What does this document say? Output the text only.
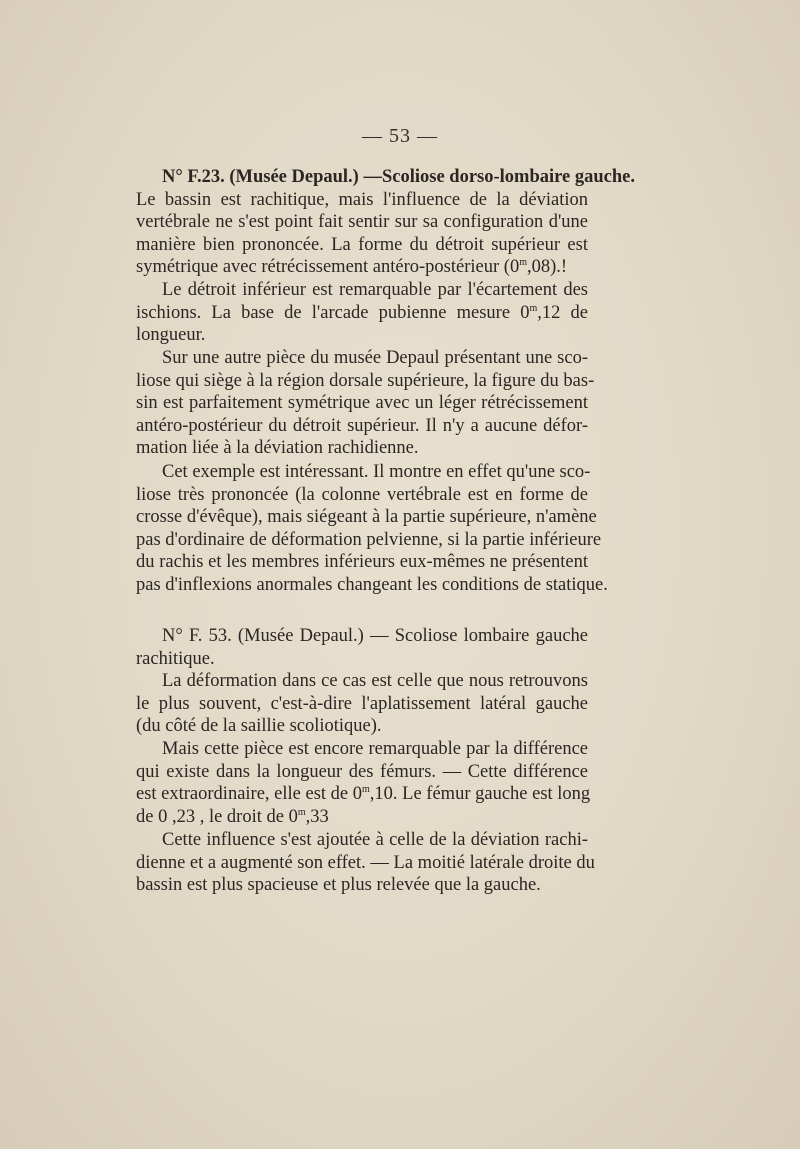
— 53 —

N° F.23. (Musée Depaul.) —Scoliose dorso-lombaire gauche.
Le bassin est rachitique, mais l'influence de la déviation
vertébrale ne s'est point fait sentir sur sa configuration d'une
manière bien prononcée. La forme du détroit supérieur est
symétrique avec rétrécissement antéro-postérieur (0$^m$,08).!

Le détroit inférieur est remarquable par l'écartement des
ischions. La base de l'arcade pubienne mesure 0$^m$,12 de
longueur.

Sur une autre pièce du musée Depaul présentant une sco-
liose qui siège à la région dorsale supérieure, la figure du bas-
sin est parfaitement symétrique avec un léger rétrécissement
antéro-postérieur du détroit supérieur. Il n'y a aucune défor-
mation liée à la déviation rachidienne.

Cet exemple est intéressant. Il montre en effet qu'une sco-
liose très prononcée (la colonne vertébrale est en forme de
crosse d'évêque), mais siégeant à la partie supérieure, n'amène
pas d'ordinaire de déformation pelvienne, si la partie inférieure
du rachis et les membres inférieurs eux-mêmes ne présentent
pas d'inflexions anormales changeant les conditions de statique.

N° F. 53. (Musée Depaul.) — Scoliose lombaire gauche
rachitique.

La déformation dans ce cas est celle que nous retrouvons
le plus souvent, c'est-à-dire l'aplatissement latéral gauche
(du côté de la saillie scoliotique).

Mais cette pièce est encore remarquable par la différence
qui existe dans la longueur des fémurs. — Cette différence
est extraordinaire, elle est de 0$^m$,10. Le fémur gauche est long
de 0 ,23 , le droit de 0$^m$,33

Cette influence s'est ajoutée à celle de la déviation rachi-
dienne et a augmenté son effet. — La moitié latérale droite du
bassin est plus spacieuse et plus relevée que la gauche.
